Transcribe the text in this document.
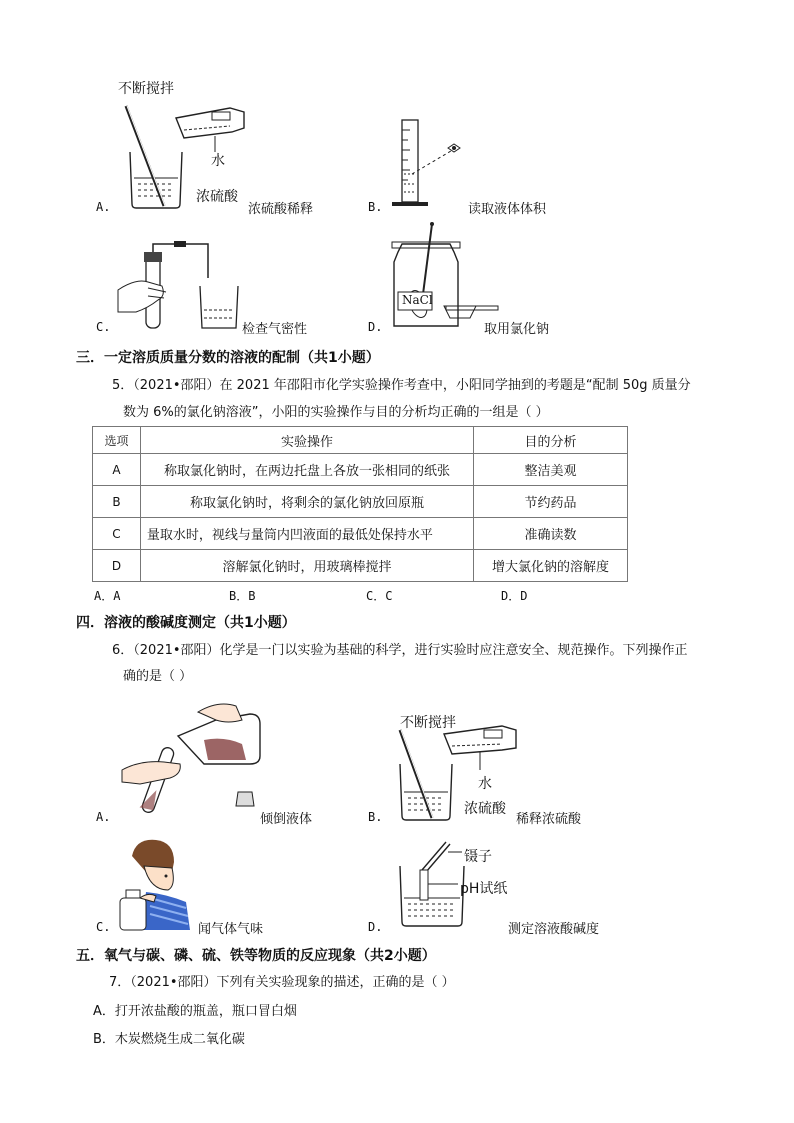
不断搅拌
水
浓硫酸
A.	浓硫酸稀释	B.	读取液体体积
C.	检查气密性
NaCl
D.	取用氯化钠
三．一定溶质质量分数的溶液的配制（共1小题）
5．（2021•邵阳）在 2021 年邵阳市化学实验操作考查中，小阳同学抽到的考题是“配制 50g 质量分
数为 6%的氯化钠溶液”，小阳的实验操作与目的分析均正确的一组是（ ）
选项	实验操作	目的分析
A	称取氯化钠时，在两边托盘上各放一张相同的纸张	整洁美观
B	称取氯化钠时，将剩余的氯化钠放回原瓶	节约药品
C	量取水时，视线与量筒内凹液面的最低处保持水平	准确读数
D	溶解氯化钠时，用玻璃棒搅拌	增大氯化钠的溶解度
A．A	B．B	C．C	D．D
四．溶液的酸碱度测定（共1小题）
6．（2021•邵阳）化学是一门以实验为基础的科学，进行实验时应注意安全、规范操作。下列操作正
确的是（ ）
A.	倾倒液体
不断搅拌
水
浓硫酸
B.	稀释浓硫酸
C.	闻气体气味
镊子
pH试纸
D.	测定溶液酸碱度
五．氧气与碳、磷、硫、铁等物质的反应现象（共2小题）
7．（2021•邵阳）下列有关实验现象的描述，正确的是（ ）
A．打开浓盐酸的瓶盖，瓶口冒白烟
B．木炭燃烧生成二氧化碳
